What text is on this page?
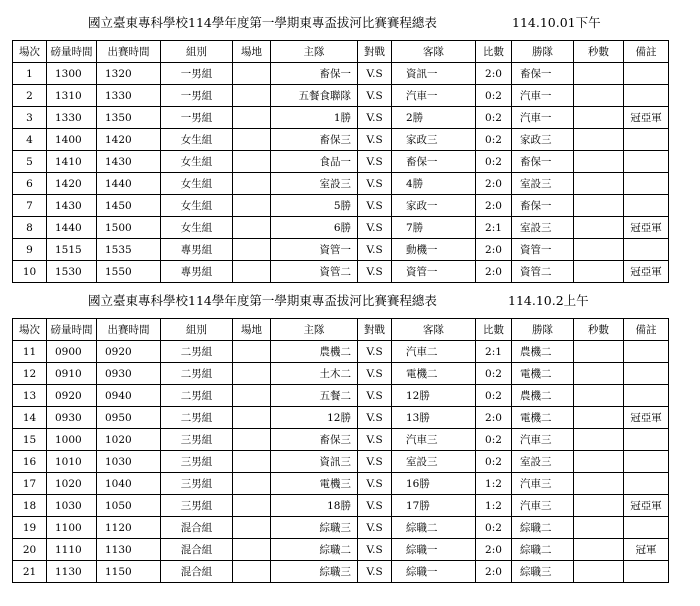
國立臺東專科學校114學年度第一學期東專盃拔河比賽賽程總表	114.10.01下午
場次	磅量時間	出賽時間	組別	場地	主隊	對戰	客隊	比數	勝隊	秒數	備註
1	1300	1320	一男組		畜保一	V.S	資訊一	2:0	畜保一		
2	1310	1330	一男組		五餐食聯隊	V.S	汽車一	0:2	汽車一		
3	1330	1350	一男組		1勝	V.S	2勝	0:2	汽車一		冠亞軍
4	1400	1420	女生組		畜保三	V.S	家政三	0:2	家政三		
5	1410	1430	女生組		食品一	V.S	畜保一	0:2	畜保一		
6	1420	1440	女生組		室設三	V.S	4勝	2:0	室設三		
7	1430	1450	女生組		5勝	V.S	家政一	2:0	畜保一		
8	1440	1500	女生組		6勝	V.S	7勝	2:1	室設三		冠亞軍
9	1515	1535	專男組		資管一	V.S	動機一	2:0	資管一		
10	1530	1550	專男組		資管二	V.S	資管一	2:0	資管二		冠亞軍
國立臺東專科學校114學年度第一學期東專盃拔河比賽賽程總表	114.10.2上午
場次	磅量時間	出賽時間	組別	場地	主隊	對戰	客隊	比數	勝隊	秒數	備註
11	0900	0920	二男組		農機二	V.S	汽車二	2:1	農機二		
12	0910	0930	二男組		土木二	V.S	電機二	0:2	電機二		
13	0920	0940	二男組		五餐二	V.S	12勝	0:2	農機二		
14	0930	0950	二男組		12勝	V.S	13勝	2:0	電機二		冠亞軍
15	1000	1020	三男組		畜保三	V.S	汽車三	0:2	汽車三		
16	1010	1030	三男組		資訊三	V.S	室設三	0:2	室設三		
17	1020	1040	三男組		電機三	V.S	16勝	1:2	汽車三		
18	1030	1050	三男組		18勝	V.S	17勝	1:2	汽車三		冠亞軍
19	1100	1120	混合組		綜職三	V.S	綜職二	0:2	綜職二		
20	1110	1130	混合組		綜職二	V.S	綜職一	2:0	綜職二		冠軍
21	1130	1150	混合組		綜職三	V.S	綜職一	2:0	綜職三		
